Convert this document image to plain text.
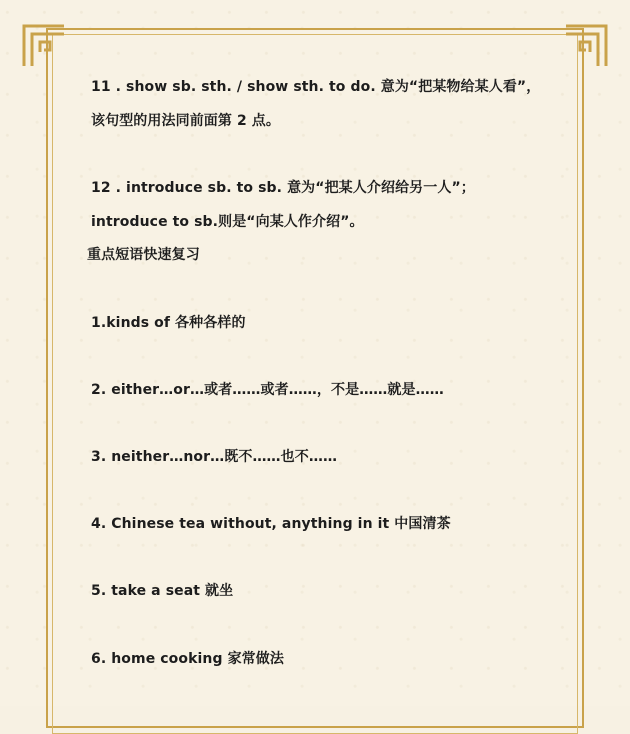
11 . show sb. sth. / show sth. to do. 意为“把某物给某人看”，
该句型的用法同前面第 2 点。
12 . introduce sb. to sb. 意为“把某人介绍给另一人”；
introduce to sb.则是“向某人作介绍”。
重点短语快速复习
1.kinds of 各种各样的
2. either…or…或者……或者……，不是……就是……
3. neither…nor…既不……也不……
4. Chinese tea without, anything in it 中国清茶
5. take a seat 就坐
6. home cooking 家常做法
